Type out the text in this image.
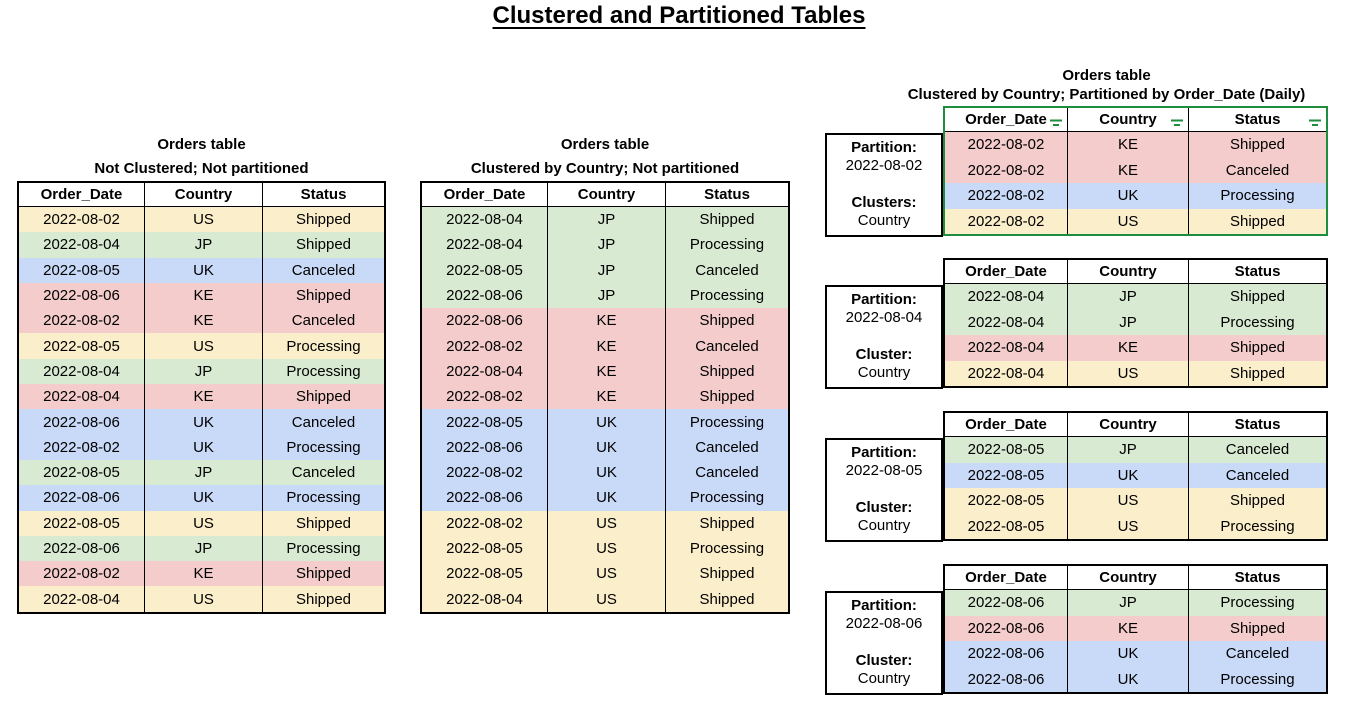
Clustered and Partitioned Tables
Orders table
Not Clustered; Not partitioned
Order_Date	Country	Status
2022-08-02	US	Shipped
2022-08-04	JP	Shipped
2022-08-05	UK	Canceled
2022-08-06	KE	Shipped
2022-08-02	KE	Canceled
2022-08-05	US	Processing
2022-08-04	JP	Processing
2022-08-04	KE	Shipped
2022-08-06	UK	Canceled
2022-08-02	UK	Processing
2022-08-05	JP	Canceled
2022-08-06	UK	Processing
2022-08-05	US	Shipped
2022-08-06	JP	Processing
2022-08-02	KE	Shipped
2022-08-04	US	Shipped
Orders table
Clustered by Country; Not partitioned
Order_Date	Country	Status
2022-08-04	JP	Shipped
2022-08-04	JP	Processing
2022-08-05	JP	Canceled
2022-08-06	JP	Processing
2022-08-06	KE	Shipped
2022-08-02	KE	Canceled
2022-08-04	KE	Shipped
2022-08-02	KE	Shipped
2022-08-05	UK	Processing
2022-08-06	UK	Canceled
2022-08-02	UK	Canceled
2022-08-06	UK	Processing
2022-08-02	US	Shipped
2022-08-05	US	Processing
2022-08-05	US	Shipped
2022-08-04	US	Shipped
Orders table
Clustered by Country; Partitioned by Order_Date (Daily)
Partition:
2022-08-02
Clusters:
Country
Order_Date	Country	Status
2022-08-02	KE	Shipped
2022-08-02	KE	Canceled
2022-08-02	UK	Processing
2022-08-02	US	Shipped
Partition:
2022-08-04
Cluster:
Country
Order_Date	Country	Status
2022-08-04	JP	Shipped
2022-08-04	JP	Processing
2022-08-04	KE	Shipped
2022-08-04	US	Shipped
Partition:
2022-08-05
Cluster:
Country
Order_Date	Country	Status
2022-08-05	JP	Canceled
2022-08-05	UK	Canceled
2022-08-05	US	Shipped
2022-08-05	US	Processing
Partition:
2022-08-06
Cluster:
Country
Order_Date	Country	Status
2022-08-06	JP	Processing
2022-08-06	KE	Shipped
2022-08-06	UK	Canceled
2022-08-06	UK	Processing
